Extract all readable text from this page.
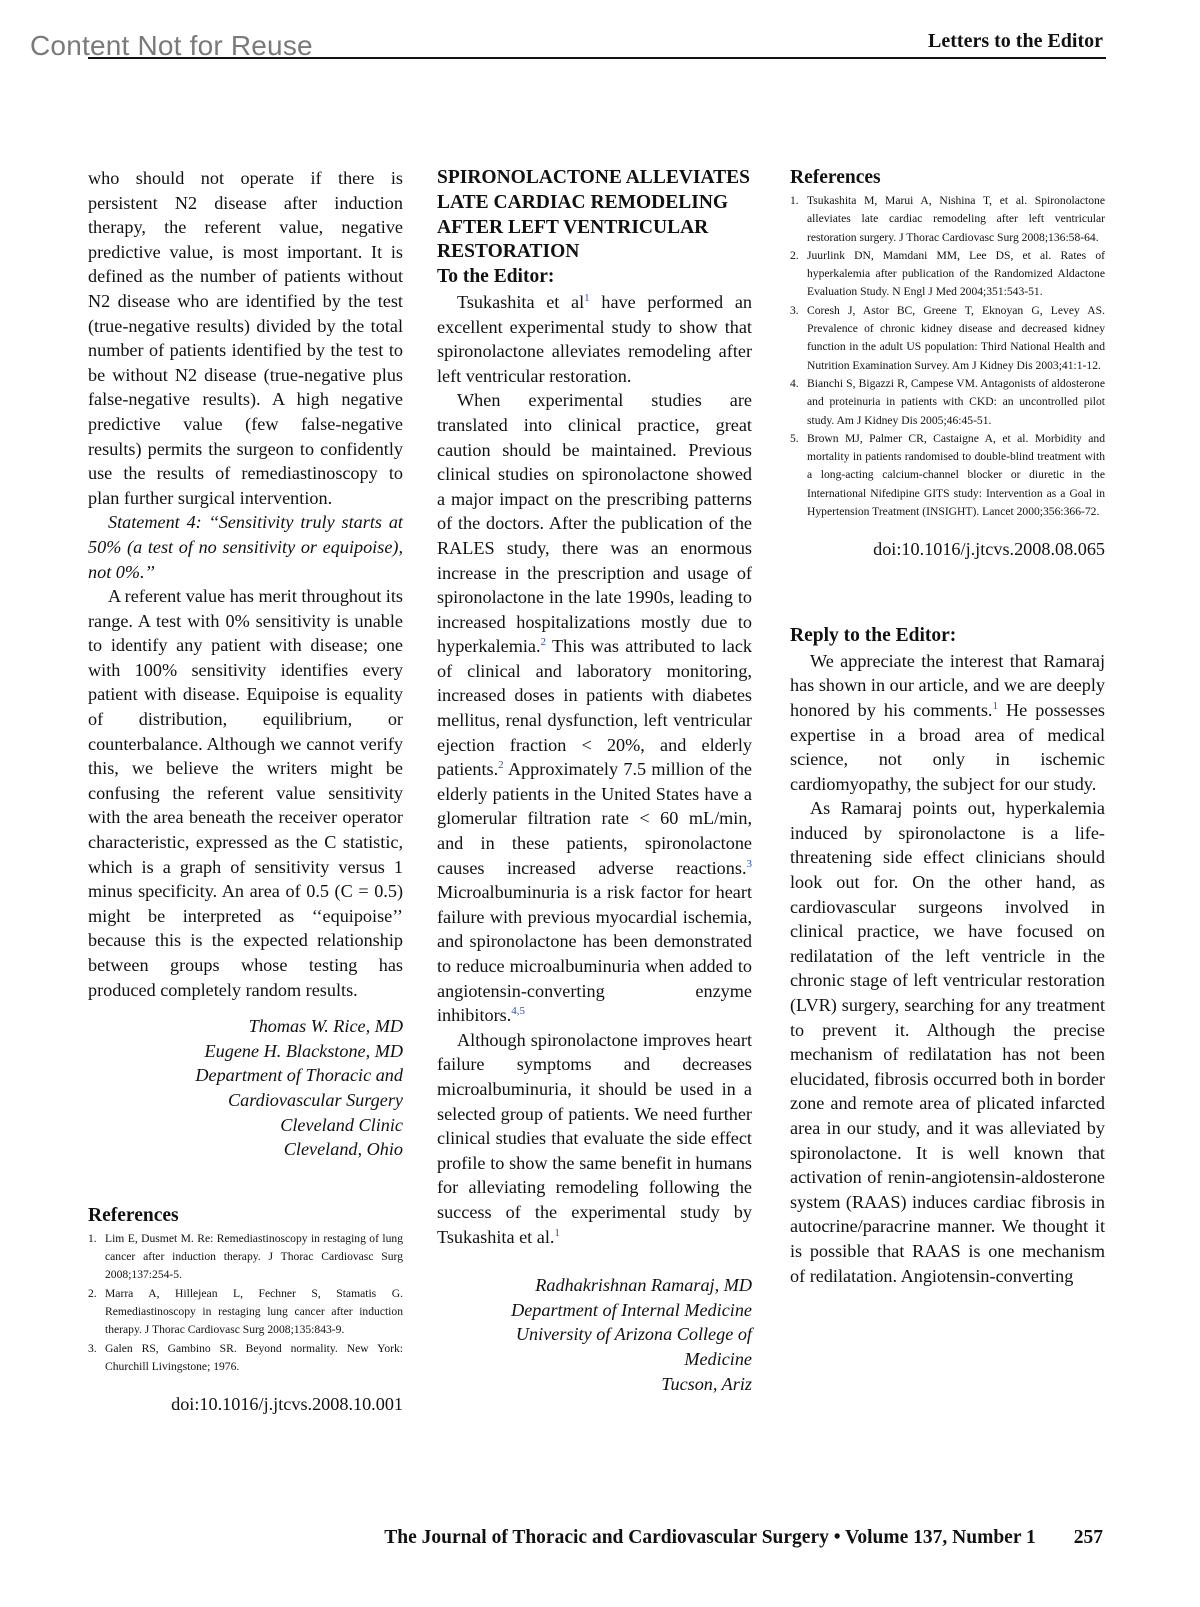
Content Not for Reuse	Letters to the Editor

who should not operate if there is persistent N2 disease after induction therapy, the referent value, negative predictive value, is most important. It is defined as the number of patients without N2 disease who are identified by the test (true-negative results) divided by the total number of patients identified by the test to be without N2 disease (true-negative plus false-negative results). A high negative predictive value (few false-negative results) permits the surgeon to confidently use the results of remediastinoscopy to plan further surgical intervention.

Statement 4: ‘‘Sensitivity truly starts at 50% (a test of no sensitivity or equipoise), not 0%.’’

A referent value has merit throughout its range. A test with 0% sensitivity is unable to identify any patient with disease; one with 100% sensitivity identifies every patient with disease. Equipoise is equality of distribution, equilibrium, or counterbalance. Although we cannot verify this, we believe the writers might be confusing the referent value sensitivity with the area beneath the receiver operator characteristic, expressed as the C statistic, which is a graph of sensitivity versus 1 minus specificity. An area of 0.5 (C = 0.5) might be interpreted as ‘‘equipoise’’ because this is the expected relationship between groups whose testing has produced completely random results.

Thomas W. Rice, MD
Eugene H. Blackstone, MD
Department of Thoracic and
Cardiovascular Surgery
Cleveland Clinic
Cleveland, Ohio
References
1. Lim E, Dusmet M. Re: Remediastinoscopy in restaging of lung cancer after induction therapy. J Thorac Cardiovasc Surg 2008;137:254-5.
2. Marra A, Hillejean L, Fechner S, Stamatis G. Remediastinoscopy in restaging lung cancer after induction therapy. J Thorac Cardiovasc Surg 2008;135:843-9.
3. Galen RS, Gambino SR. Beyond normality. New York: Churchill Livingstone; 1976.
doi:10.1016/j.jtcvs.2008.10.001
SPIRONOLACTONE ALLEVIATES LATE CARDIAC REMODELING AFTER LEFT VENTRICULAR RESTORATION
To the Editor:

Tsukashita et $al^1$ have performed an excellent experimental study to show that spironolactone alleviates remodeling after left ventricular restoration.

When experimental studies are translated into clinical practice, great caution should be maintained. Previous clinical studies on spironolactone showed a major impact on the prescribing patterns of the doctors. After the publication of the RALES study, there was an enormous increase in the prescription and usage of spironolactone in the late 1990s, leading to increased hospitalizations mostly due to hyperkalemia.$^2$ This was attributed to lack of clinical and laboratory monitoring, increased doses in patients with diabetes mellitus, renal dysfunction, left ventricular ejection fraction < 20%, and elderly patients.$^2$ Approximately 7.5 million of the elderly patients in the United States have a glomerular filtration rate < 60 mL/min, and in these patients, spironolactone causes increased adverse reactions.$^3$ Microalbuminuria is a risk factor for heart failure with previous myocardial ischemia, and spironolactone has been demonstrated to reduce microalbuminuria when added to angiotensin-converting enzyme inhibitors.$^{4,5}$

Although spironolactone improves heart failure symptoms and decreases microalbuminuria, it should be used in a selected group of patients. We need further clinical studies that evaluate the side effect profile to show the same benefit in humans for alleviating remodeling following the success of the experimental study by Tsukashita et al.$^1$

Radhakrishnan Ramaraj, MD
Department of Internal Medicine
University of Arizona College of
Medicine
Tucson, Ariz
References
1. Tsukashita M, Marui A, Nishina T, et al. Spironolactone alleviates late cardiac remodeling after left ventricular restoration surgery. J Thorac Cardiovasc Surg 2008;136:58-64.
2. Juurlink DN, Mamdani MM, Lee DS, et al. Rates of hyperkalemia after publication of the Randomized Aldactone Evaluation Study. N Engl J Med 2004;351:543-51.
3. Coresh J, Astor BC, Greene T, Eknoyan G, Levey AS. Prevalence of chronic kidney disease and decreased kidney function in the adult US population: Third National Health and Nutrition Examination Survey. Am J Kidney Dis 2003;41:1-12.
4. Bianchi S, Bigazzi R, Campese VM. Antagonists of aldosterone and proteinuria in patients with CKD: an uncontrolled pilot study. Am J Kidney Dis 2005;46:45-51.
5. Brown MJ, Palmer CR, Castaigne A, et al. Morbidity and mortality in patients randomised to double-blind treatment with a long-acting calcium-channel blocker or diuretic in the International Nifedipine GITS study: Intervention as a Goal in Hypertension Treatment (INSIGHT). Lancet 2000;356:366-72.
doi:10.1016/j.jtcvs.2008.08.065
Reply to the Editor:

We appreciate the interest that Ramaraj has shown in our article, and we are deeply honored by his comments.$^1$ He possesses expertise in a broad area of medical science, not only in ischemic cardiomyopathy, the subject for our study.

As Ramaraj points out, hyperkalemia induced by spironolactone is a life-threatening side effect clinicians should look out for. On the other hand, as cardiovascular surgeons involved in clinical practice, we have focused on redilatation of the left ventricle in the chronic stage of left ventricular restoration (LVR) surgery, searching for any treatment to prevent it. Although the precise mechanism of redilatation has not been elucidated, fibrosis occurred both in border zone and remote area of plicated infarcted area in our study, and it was alleviated by spironolactone. It is well known that activation of renin-angiotensin-aldosterone system (RAAS) induces cardiac fibrosis in autocrine/paracrine manner. We thought it is possible that RAAS is one mechanism of redilatation. Angiotensin-converting

The Journal of Thoracic and Cardiovascular Surgery • Volume 137, Number 1 257
